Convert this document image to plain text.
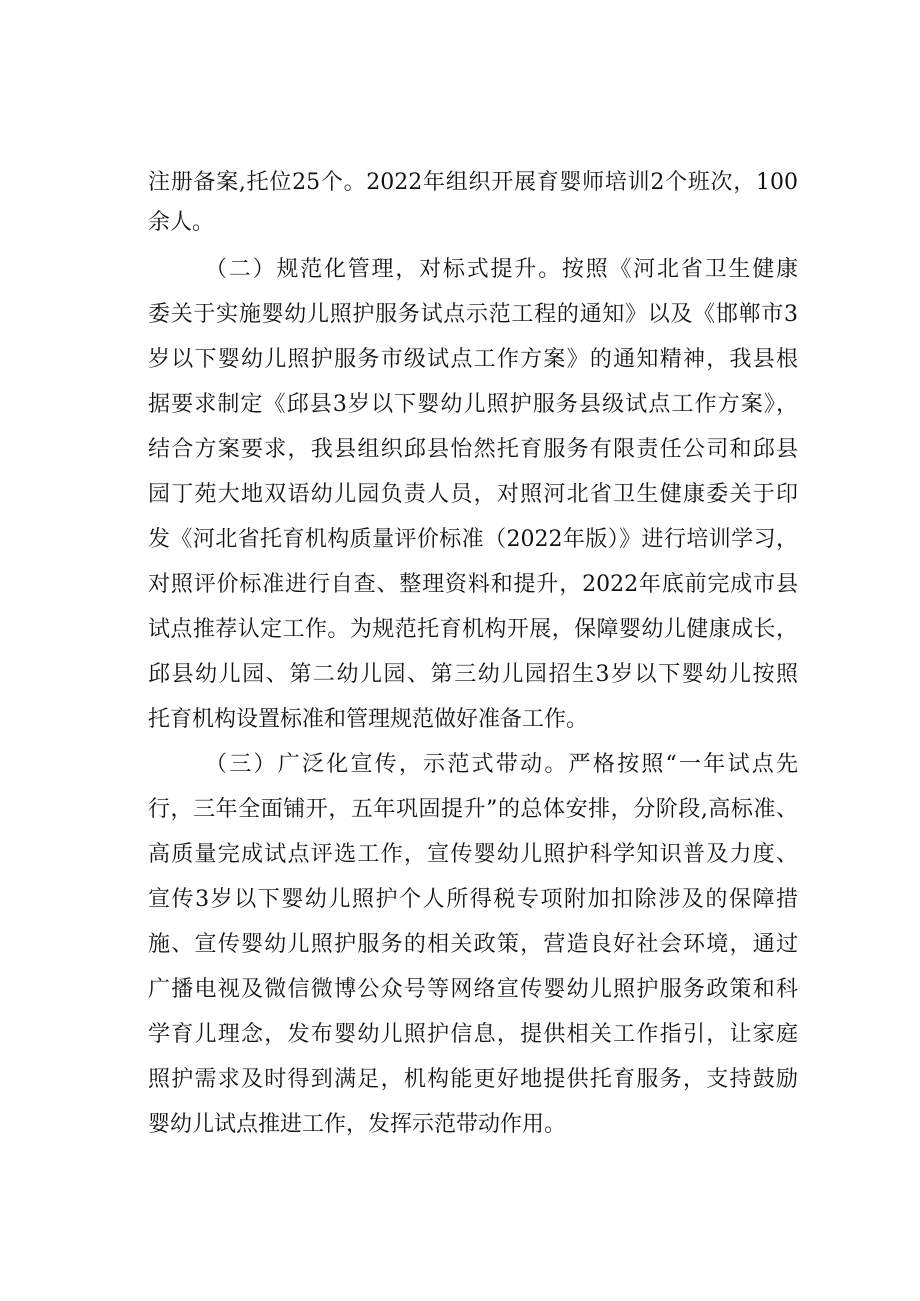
注册备案,托位25个。2022年组织开展育婴师培训2个班次，100
余人。
（二）规范化管理，对标式提升。按照《河北省卫生健康
委关于实施婴幼儿照护服务试点示范工程的通知》以及《邯郸市3
岁以下婴幼儿照护服务市级试点工作方案》的通知精神，我县根
据要求制定《邱县3岁以下婴幼儿照护服务县级试点工作方案》，
结合方案要求，我县组织邱县怡然托育服务有限责任公司和邱县
园丁苑大地双语幼儿园负责人员，对照河北省卫生健康委关于印
发《河北省托育机构质量评价标准（2022年版）》进行培训学习，
对照评价标准进行自查、整理资料和提升，2022年底前完成市县
试点推荐认定工作。为规范托育机构开展，保障婴幼儿健康成长，
邱县幼儿园、第二幼儿园、第三幼儿园招生3岁以下婴幼儿按照
托育机构设置标准和管理规范做好准备工作。
（三）广泛化宣传，示范式带动。严格按照“一年试点先
行，三年全面铺开，五年巩固提升”的总体安排，分阶段,高标准、
高质量完成试点评选工作，宣传婴幼儿照护科学知识普及力度、
宣传3岁以下婴幼儿照护个人所得税专项附加扣除涉及的保障措
施、宣传婴幼儿照护服务的相关政策，营造良好社会环境，通过
广播电视及微信微博公众号等网络宣传婴幼儿照护服务政策和科
学育儿理念，发布婴幼儿照护信息，提供相关工作指引，让家庭
照护需求及时得到满足，机构能更好地提供托育服务，支持鼓励
婴幼儿试点推进工作，发挥示范带动作用。
